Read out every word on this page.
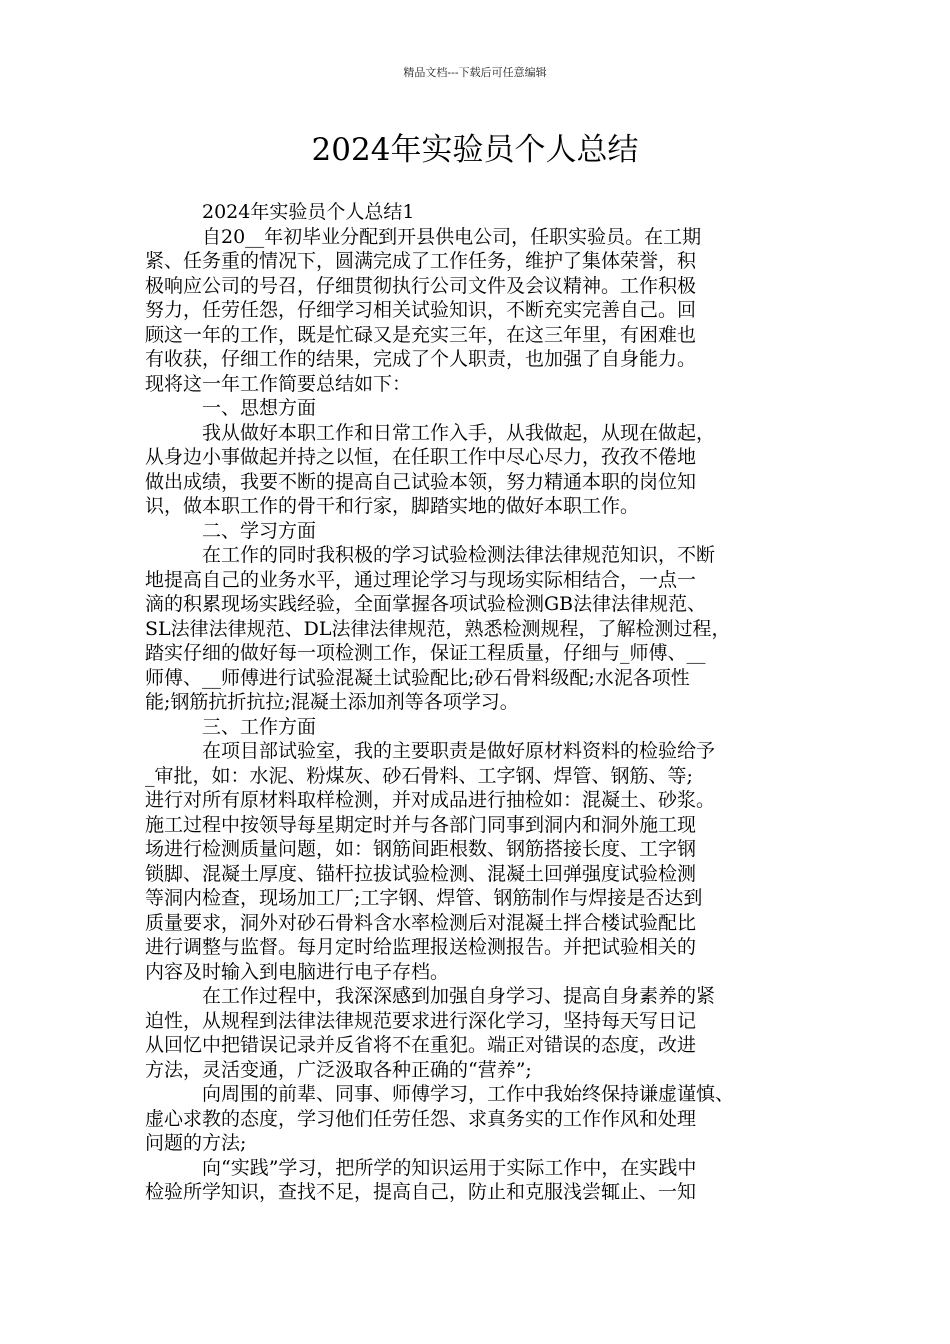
精品文档---下载后可任意编辑
2024年实验员个人总结
2024年实验员个人总结1
自20__年初毕业分配到开县供电公司，任职实验员。在工期
紧、任务重的情况下，圆满完成了工作任务，维护了集体荣誉，积
极响应公司的号召，仔细贯彻执行公司文件及会议精神。工作积极
努力，任劳任怨，仔细学习相关试验知识，不断充实完善自己。回
顾这一年的工作，既是忙碌又是充实三年，在这三年里，有困难也
有收获，仔细工作的结果，完成了个人职责，也加强了自身能力。
现将这一年工作简要总结如下：
一、思想方面
我从做好本职工作和日常工作入手，从我做起，从现在做起，
从身边小事做起并持之以恒，在任职工作中尽心尽力，孜孜不倦地
做出成绩，我要不断的提高自己试验本领，努力精通本职的岗位知
识，做本职工作的骨干和行家，脚踏实地的做好本职工作。
二、学习方面
在工作的同时我积极的学习试验检测法律法律规范知识，不断
地提高自己的业务水平，通过理论学习与现场实际相结合，一点一
滴的积累现场实践经验，全面掌握各项试验检测GB法律法律规范、
SL法律法律规范、DL法律法律规范，熟悉检测规程，了解检测过程，
踏实仔细的做好每一项检测工作，保证工程质量，仔细与_师傅、__
师傅、__师傅进行试验混凝土试验配比;砂石骨料级配;水泥各项性
能;钢筋抗折抗拉;混凝土添加剂等各项学习。
三、工作方面
在项目部试验室，我的主要职责是做好原材料资料的检验给予
_审批，如：水泥、粉煤灰、砂石骨料、工字钢、焊管、钢筋、等;
进行对所有原材料取样检测，并对成品进行抽检如：混凝土、砂浆。
施工过程中按领导每星期定时并与各部门同事到洞内和洞外施工现
场进行检测质量问题，如：钢筋间距根数、钢筋搭接长度、工字钢
锁脚、混凝土厚度、锚杆拉拔试验检测、混凝土回弹强度试验检测
等洞内检查，现场加工厂;工字钢、焊管、钢筋制作与焊接是否达到
质量要求，洞外对砂石骨料含水率检测后对混凝土拌合楼试验配比
进行调整与监督。每月定时给监理报送检测报告。并把试验相关的
内容及时输入到电脑进行电子存档。
在工作过程中，我深深感到加强自身学习、提高自身素养的紧
迫性，从规程到法律法律规范要求进行深化学习，坚持每天写日记
从回忆中把错误记录并反省将不在重犯。端正对错误的态度，改进
方法，灵活变通，广泛汲取各种正确的“营养”;
向周围的前辈、同事、师傅学习，工作中我始终保持谦虚谨慎、
虚心求教的态度，学习他们任劳任怨、求真务实的工作作风和处理
问题的方法;
向“实践”学习，把所学的知识运用于实际工作中，在实践中
检验所学知识，查找不足，提高自己，防止和克服浅尝辄止、一知
